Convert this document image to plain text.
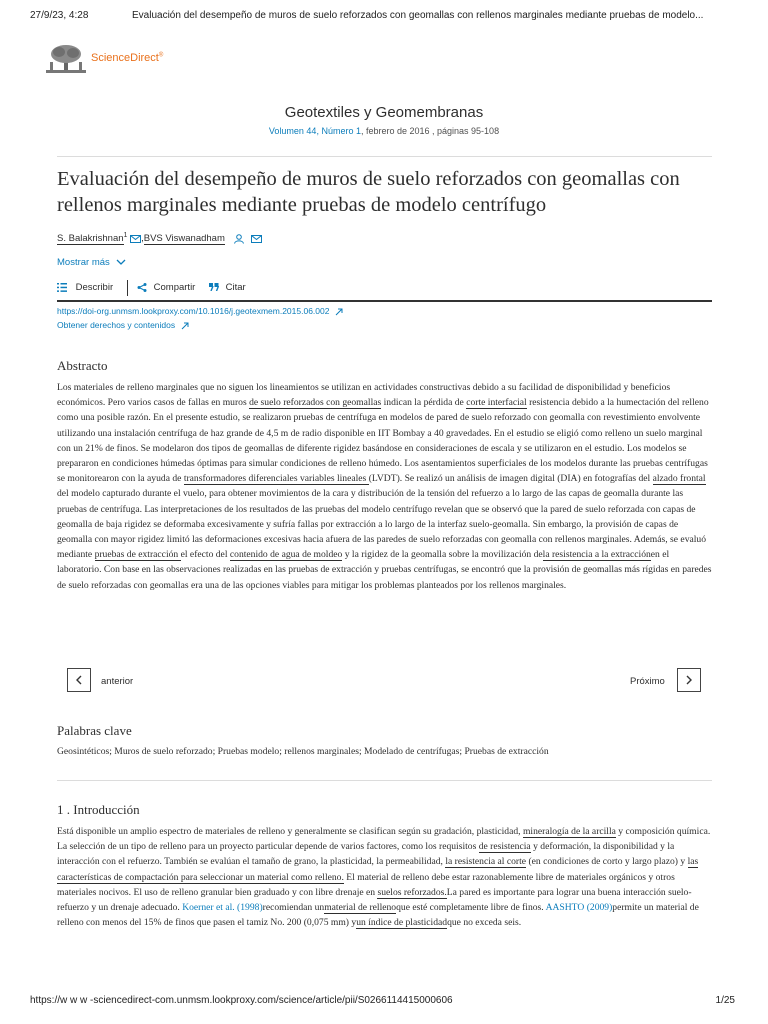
27/9/23, 4:28	Evaluación del desempeño de muros de suelo reforzados con geomallas con rellenos marginales mediante pruebas de modelo...
ScienceDirect®
Geotextiles y Geomembranas
Volumen 44, Número 1, febrero de 2016 , páginas 95-108
Evaluación del desempeño de muros de suelo reforzados con geomallas con rellenos marginales mediante pruebas de modelo centrífugo
S. Balakrishnan$^1$ ,BVS Viswanadham
Mostrar más
Describir	Compartir	Citar
https://doi-org.unmsm.lookproxy.com/10.1016/j.geotexmem.2015.06.002
Obtener derechos y contenidos
Abstracto

Los materiales de relleno marginales que no siguen los lineamientos se utilizan en actividades constructivas debido a su facilidad de disponibilidad y beneficios económicos. Pero varios casos de fallas en muros de suelo reforzados con geomallas indican la pérdida de corte interfacial resistencia debido a la humectación del relleno como una posible razón. En el presente estudio, se realizaron pruebas de centrífuga en modelos de pared de suelo reforzado con geomalla con revestimiento envolvente utilizando una instalación centrífuga de haz grande de 4,5 m de radio disponible en IIT Bombay a 40 gravedades. En el estudio se eligió como relleno un suelo marginal con un 21% de finos. Se modelaron dos tipos de geomallas de diferente rigidez basándose en consideraciones de escala y se utilizaron en el estudio. Los modelos se prepararon en condiciones húmedas óptimas para simular condiciones de relleno húmedo. Los asentamientos superficiales de los modelos durante las pruebas centrífugas se monitorearon con la ayuda de transformadores diferenciales variables lineales (LVDT). Se realizó un análisis de imagen digital (DIA) en fotografías del alzado frontal del modelo capturado durante el vuelo, para obtener movimientos de la cara y distribución de la tensión del refuerzo a lo largo de las capas de geomalla durante las pruebas de centrífuga. Las interpretaciones de los resultados de las pruebas del modelo centrífugo revelan que se observó que la pared de suelo reforzada con capas de geomalla de baja rigidez se deformaba excesivamente y sufría fallas por extracción a lo largo de la interfaz suelo-geomalla. Sin embargo, la provisión de capas de geomalla con mayor rigidez limitó las deformaciones excesivas hacia afuera de las paredes de suelo reforzadas con geomalla con rellenos marginales. Además, se evaluó mediante pruebas de extracción el efecto del contenido de agua de moldeo y la rigidez de la geomalla sobre la movilización dela resistencia a la extracciónen el laboratorio. Con base en las observaciones realizadas en las pruebas de extracción y pruebas centrífugas, se encontró que la provisión de geomallas más rígidas en paredes de suelo reforzadas con geomallas era una de las opciones viables para mitigar los problemas planteados por los rellenos marginales.

anterior	Próximo
Palabras clave
Geosintéticos; Muros de suelo reforzado; Pruebas modelo; rellenos marginales; Modelado de centrífugas; Pruebas de extracción
1 . Introducción

Está disponible un amplio espectro de materiales de relleno y generalmente se clasifican según su gradación, plasticidad, mineralogía de la arcilla y composición química. La selección de un tipo de relleno para un proyecto particular depende de varios factores, como los requisitos de resistencia y deformación, la disponibilidad y la interacción con el refuerzo. También se evalúan el tamaño de grano, la plasticidad, la permeabilidad, la resistencia al corte (en condiciones de corto y largo plazo) y las características de compactación para seleccionar un material como relleno. El material de relleno debe estar razonablemente libre de materiales orgánicos y otros materiales nocivos. El uso de relleno granular bien graduado y con libre drenaje en suelos reforzados.La pared es importante para lograr una buena interacción suelo-refuerzo y un drenaje adecuado. Koerner et al. (1998)recomiendan unmaterial de rellenoque esté completamente libre de finos. AASHTO (2009)permite un material de relleno con menos del 15% de finos que pasen el tamiz No. 200 (0,075 mm) yun índice de plasticidadque no exceda seis.

https://w w w -sciencedirect-com.unmsm.lookproxy.com/science/article/pii/S0266114415000606	1/25
